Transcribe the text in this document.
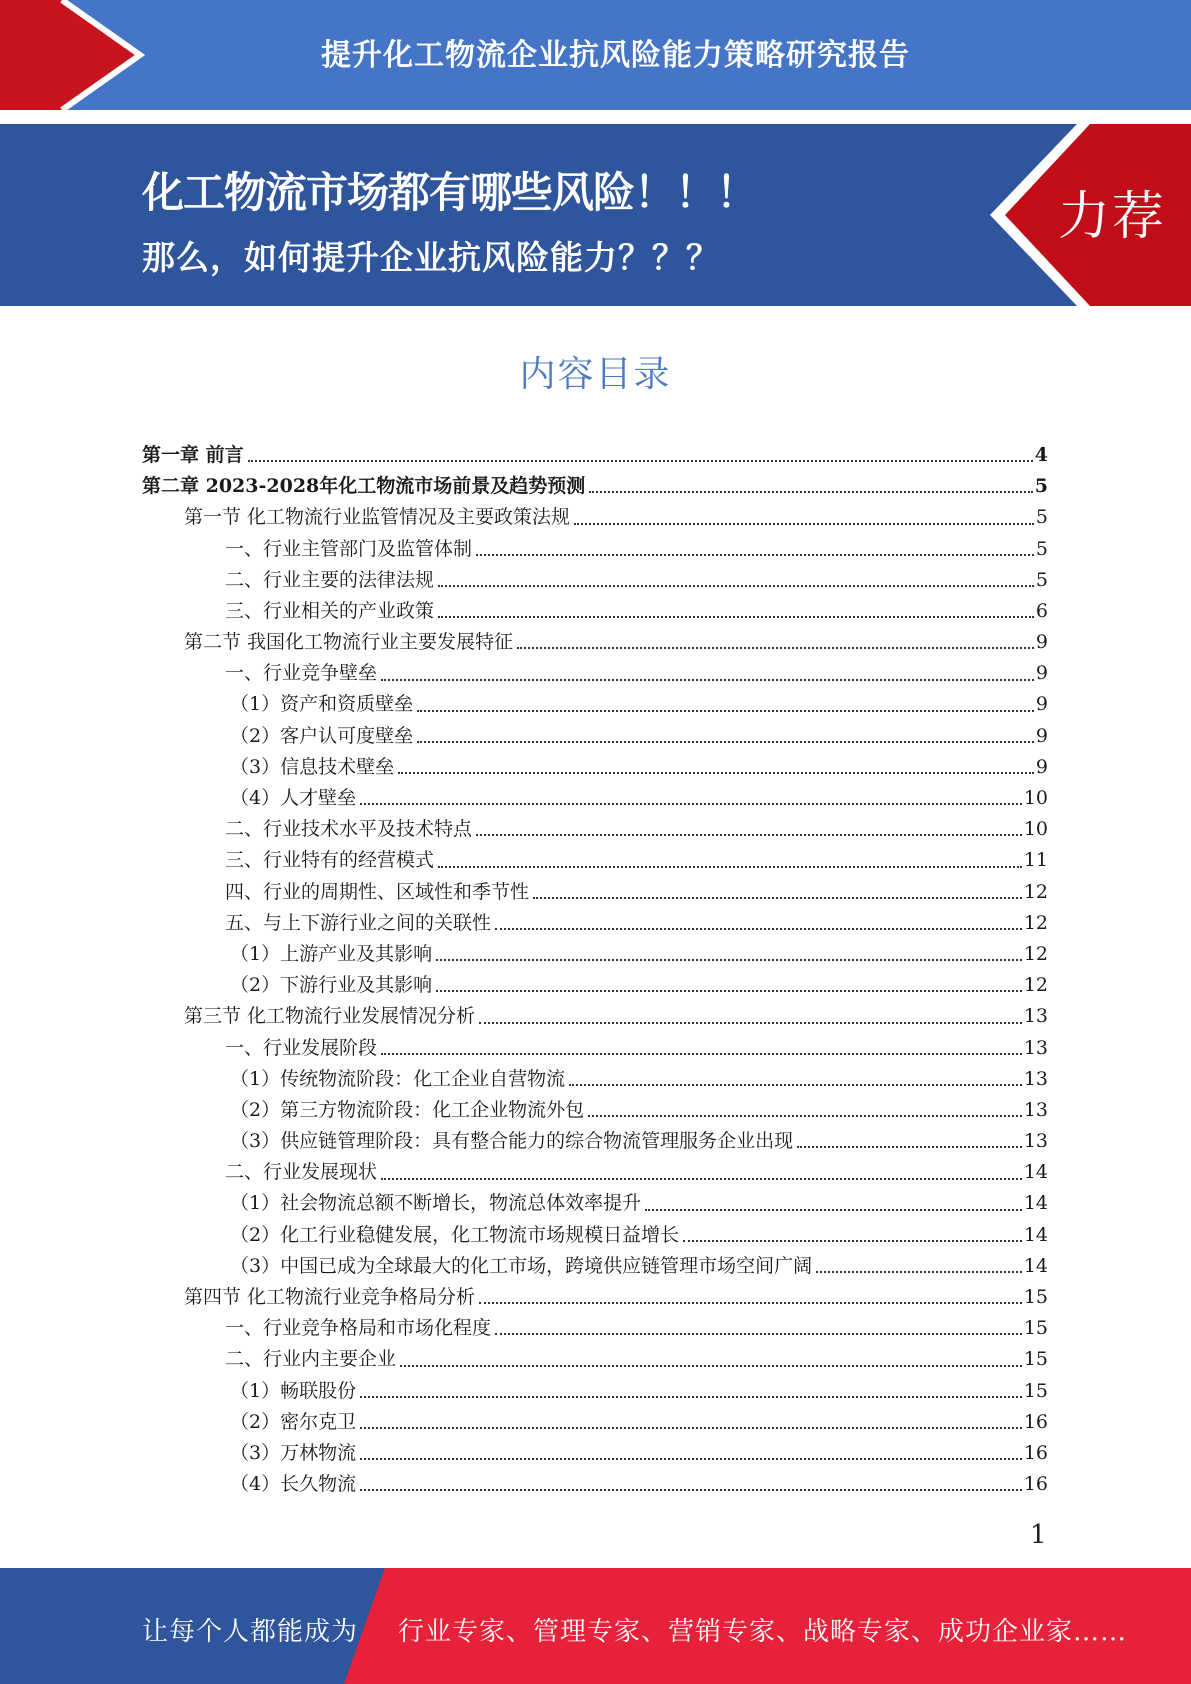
提升化工物流企业抗风险能力策略研究报告
化工物流市场都有哪些风险！！！
那么，如何提升企业抗风险能力？？？
力荐
内容目录
第一章 前言	4
第二章 2023-2028年化工物流市场前景及趋势预测	5
第一节 化工物流行业监管情况及主要政策法规	5
一、行业主管部门及监管体制	5
二、行业主要的法律法规	5
三、行业相关的产业政策	6
第二节 我国化工物流行业主要发展特征	9
一、行业竞争壁垒	9
（1）资产和资质壁垒	9
（2）客户认可度壁垒	9
（3）信息技术壁垒	9
（4）人才壁垒	10
二、行业技术水平及技术特点	10
三、行业特有的经营模式	11
四、行业的周期性、区域性和季节性	12
五、与上下游行业之间的关联性	12
（1）上游产业及其影响	12
（2）下游行业及其影响	12
第三节 化工物流行业发展情况分析	13
一、行业发展阶段	13
（1）传统物流阶段：化工企业自营物流	13
（2）第三方物流阶段：化工企业物流外包	13
（3）供应链管理阶段：具有整合能力的综合物流管理服务企业出现	13
二、行业发展现状	14
（1）社会物流总额不断增长，物流总体效率提升	14
（2）化工行业稳健发展，化工物流市场规模日益增长	14
（3）中国已成为全球最大的化工市场，跨境供应链管理市场空间广阔	14
第四节 化工物流行业竞争格局分析	15
一、行业竞争格局和市场化程度	15
二、行业内主要企业	15
（1）畅联股份	15
（2）密尔克卫	16
（3）万林物流	16
（4）长久物流	16
1
让每个人都能成为 行业专家、管理专家、营销专家、战略专家、成功企业家……
